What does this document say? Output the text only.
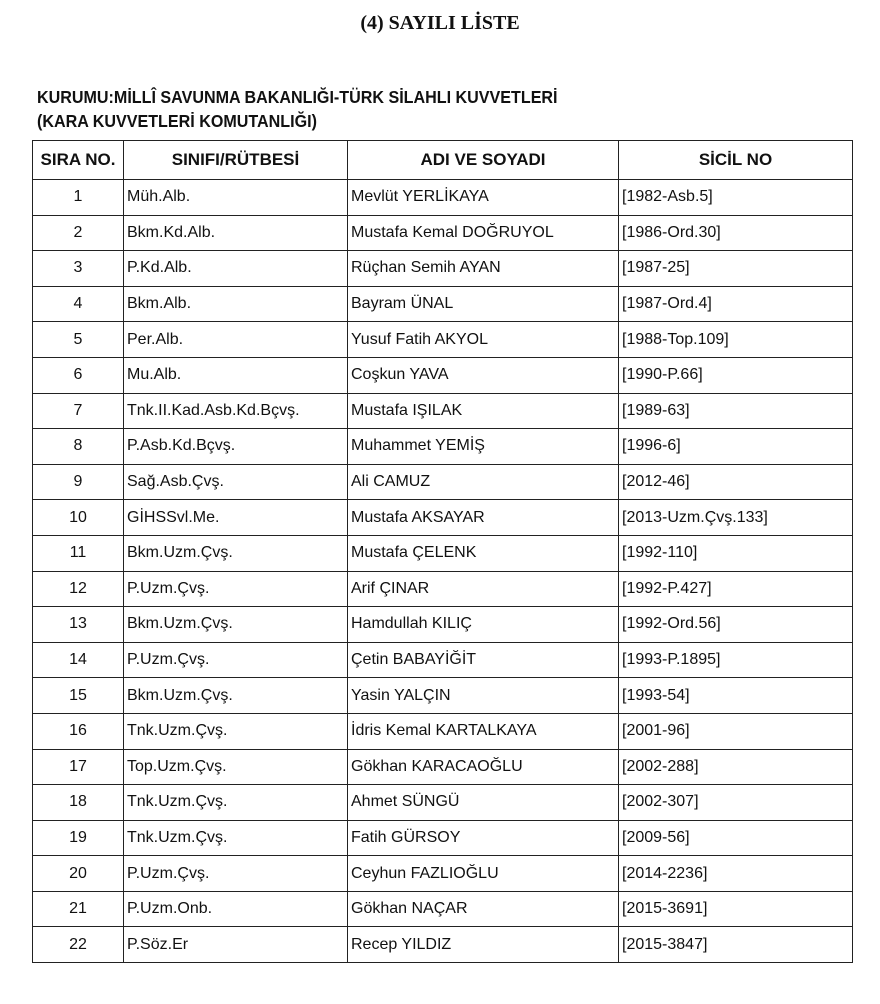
(4) SAYILI LİSTE
KURUMU:MİLLÎ SAVUNMA BAKANLIĞI-TÜRK SİLAHLI KUVVETLERİ
(KARA KUVVETLERİ KOMUTANLIĞI)
SIRA NO.	SINIFI/RÜTBESİ	ADI VE SOYADI	SİCİL NO
1	Müh.Alb.	Mevlüt YERLİKAYA	[1982-Asb.5]
2	Bkm.Kd.Alb.	Mustafa Kemal DOĞRUYOL	[1986-Ord.30]
3	P.Kd.Alb.	Rüçhan Semih AYAN	[1987-25]
4	Bkm.Alb.	Bayram ÜNAL	[1987-Ord.4]
5	Per.Alb.	Yusuf Fatih AKYOL	[1988-Top.109]
6	Mu.Alb.	Coşkun YAVA	[1990-P.66]
7	Tnk.II.Kad.Asb.Kd.Bçvş.	Mustafa IŞILAK	[1989-63]
8	P.Asb.Kd.Bçvş.	Muhammet YEMİŞ	[1996-6]
9	Sağ.Asb.Çvş.	Ali CAMUZ	[2012-46]
10	GİHSSvl.Me.	Mustafa AKSAYAR	[2013-Uzm.Çvş.133]
11	Bkm.Uzm.Çvş.	Mustafa ÇELENK	[1992-110]
12	P.Uzm.Çvş.	Arif ÇINAR	[1992-P.427]
13	Bkm.Uzm.Çvş.	Hamdullah KILIÇ	[1992-Ord.56]
14	P.Uzm.Çvş.	Çetin BABAYİĞİT	[1993-P.1895]
15	Bkm.Uzm.Çvş.	Yasin YALÇIN	[1993-54]
16	Tnk.Uzm.Çvş.	İdris Kemal KARTALKAYA	[2001-96]
17	Top.Uzm.Çvş.	Gökhan KARACAOĞLU	[2002-288]
18	Tnk.Uzm.Çvş.	Ahmet SÜNGÜ	[2002-307]
19	Tnk.Uzm.Çvş.	Fatih GÜRSOY	[2009-56]
20	P.Uzm.Çvş.	Ceyhun FAZLIOĞLU	[2014-2236]
21	P.Uzm.Onb.	Gökhan NAÇAR	[2015-3691]
22	P.Söz.Er	Recep YILDIZ	[2015-3847]
